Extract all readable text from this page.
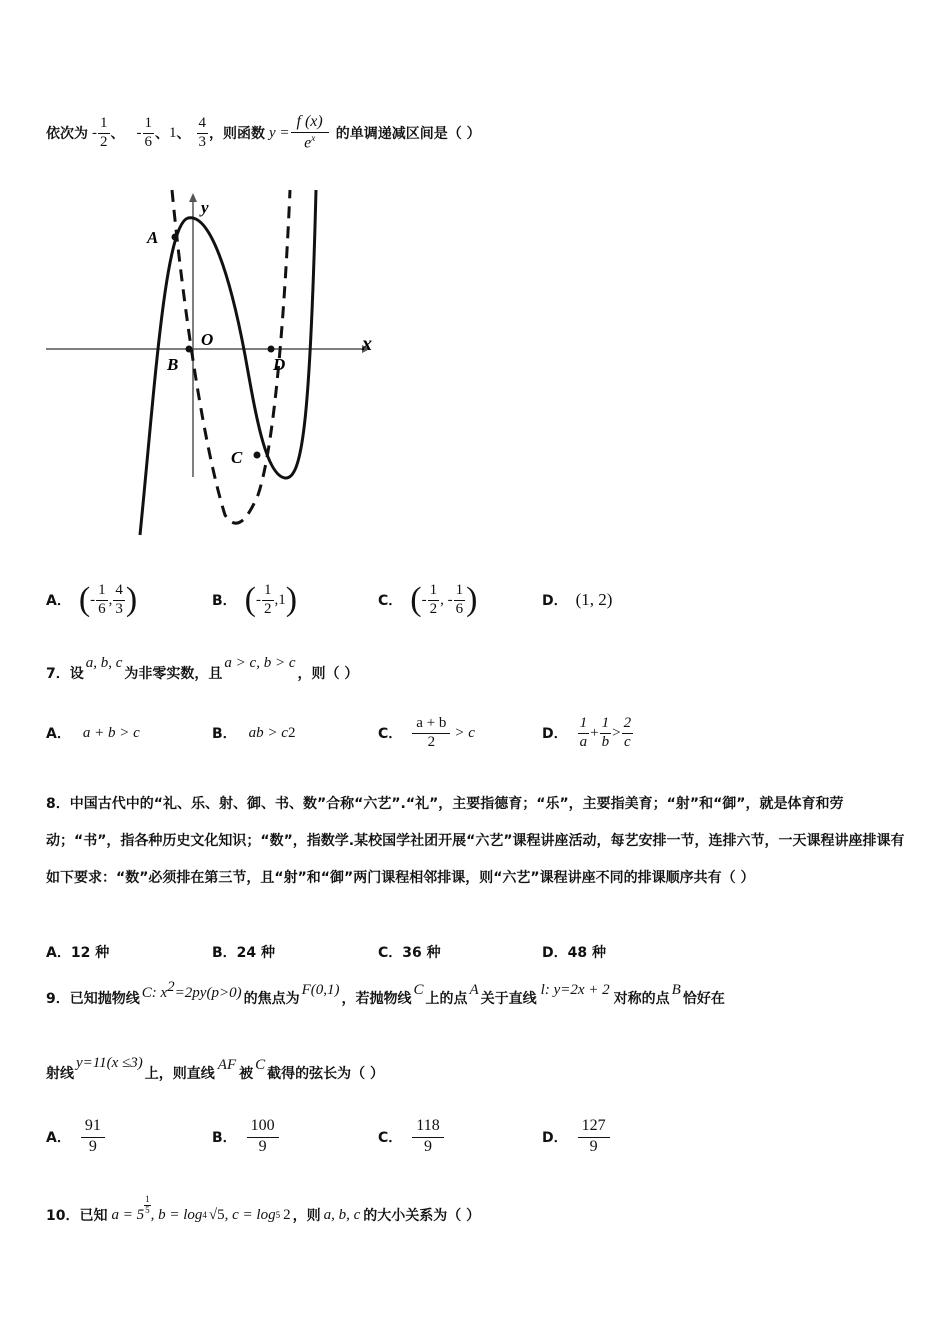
依次为 - $\frac{1}{2}$ 、 - $\frac{1}{6}$ 、 1 、 $\frac{4}{3}$ ，则函数 $y = \frac{f (x)}{e^x}$ 的单调递减区间是（ ）
y
x
A
O
B	D
C
A． ( - $\frac{1}{6}$ , $\frac{4}{3}$ )	B． ( - $\frac{1}{2} ,1$ )	C． ( - $\frac{1}{2}$ , - $\frac{1}{6}$ )	D． (1, 2)
7．设
a, b, c
为非零实数，且
a > c, b > c
，则（ ）
A． a + b > c	B． ab > c 2	C． $\frac{a + b}{2} > c$	D． $\frac{1}{a} + \frac{1}{b} > \frac{2}{c}$
8．中国古代中的“礼、乐、射、御、书、数”合称“六艺”.“礼”，主要指德育；“乐”，主要指美育；“射”和“御”，就是体育和劳动；“书”，指各种历史文化知识；“数”，指数学.某校国学社团开展“六艺”课程讲座活动，每艺安排一节，连排六节，一天课程讲座排课有如下要求：“数”必须排在第三节，且“射”和“御”两门课程相邻排课，则“六艺”课程讲座不同的排课顺序共有（ ）
A．12 种	B．24 种	C．36 种	D．48 种
9．已知抛物线 C: $x^2=2py(p>0)$ 的焦点为
F(0,1)
，若抛物线
C
上的点
A
关于直线
l: y=2x + 2
对称的点
B
恰好在
射线
y=11(x ≤3)
上，则直线
AF
被
C
截得的弦长为（ ）
A． $\frac{91}{9}$	B． $\frac{100}{9}$	C． $\frac{118}{9}$	D． $\frac{127}{9}$
10．已知 $a = 5 \frac{1}{5}$ , b = log 4 √5 , c = log 5 2 ，则 a, b, c 的大小关系为（ ）
